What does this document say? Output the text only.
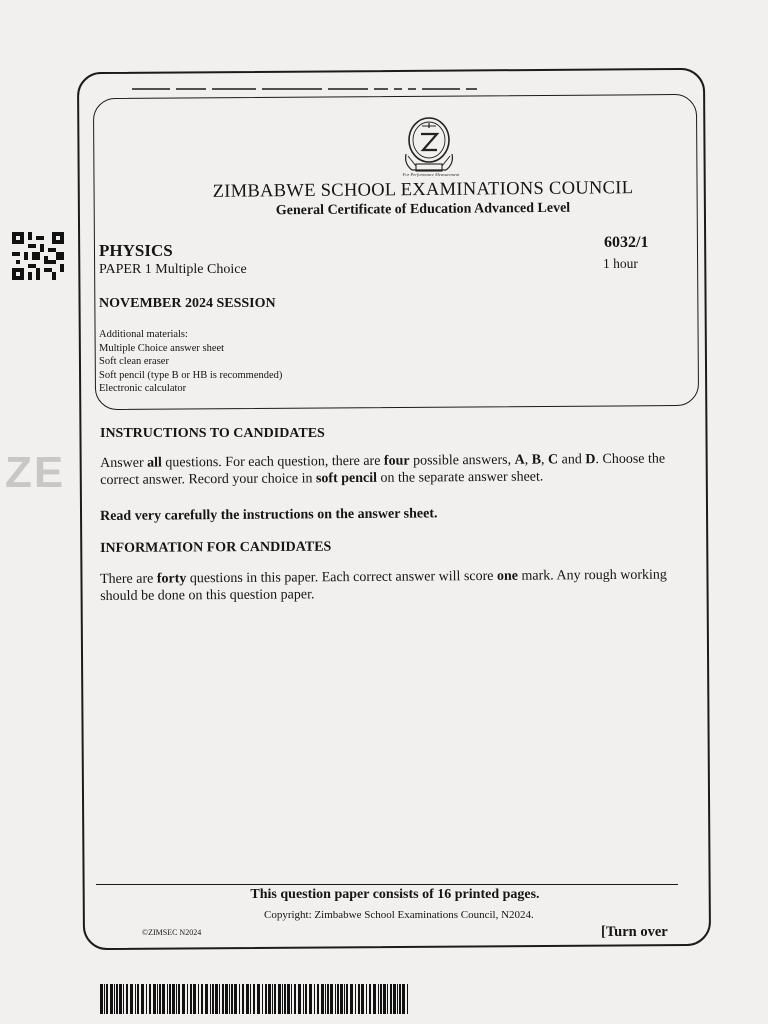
ZE
For Performance Measurement
ZIMBABWE SCHOOL EXAMINATIONS COUNCIL
General Certificate of Education Advanced Level
PHYSICS
PAPER 1 Multiple Choice
6032/1
1 hour
NOVEMBER 2024 SESSION
Additional materials:
Multiple Choice answer sheet
Soft clean eraser
Soft pencil (type B or HB is recommended)
Electronic calculator
INSTRUCTIONS TO CANDIDATES
Answer all questions. For each question, there are four possible answers, A, B, C and D. Choose the correct answer. Record your choice in soft pencil on the separate answer sheet.
Read very carefully the instructions on the answer sheet.
INFORMATION FOR CANDIDATES
There are forty questions in this paper. Each correct answer will score one mark. Any rough working should be done on this question paper.
This question paper consists of 16 printed pages.
Copyright: Zimbabwe School Examinations Council, N2024.
©ZIMSEC N2024	[Turn over
